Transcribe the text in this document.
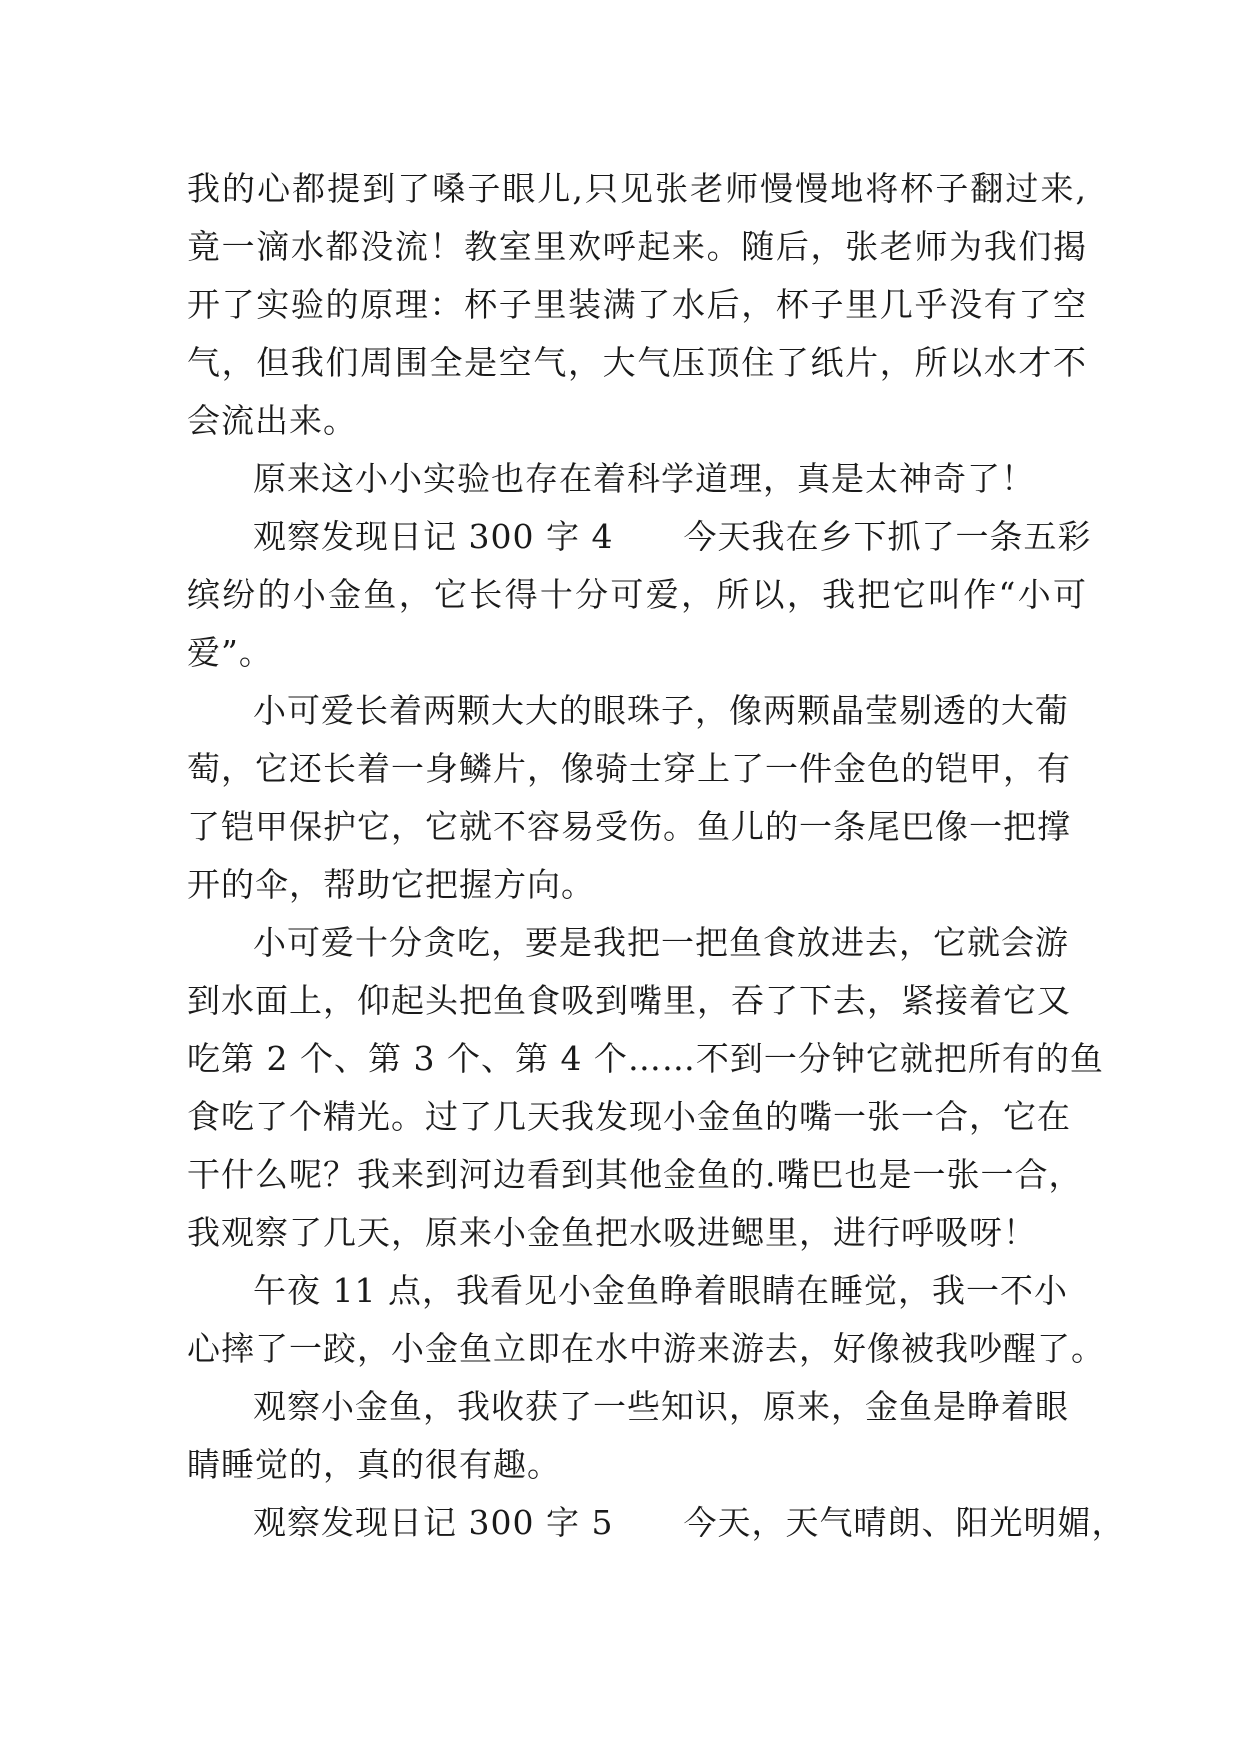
我的心都提到了嗓子眼儿,只见张老师慢慢地将杯子翻过来,
竟一滴水都没流！教室里欢呼起来。随后，张老师为我们揭
开了实验的原理：杯子里装满了水后，杯子里几乎没有了空
气，但我们周围全是空气，大气压顶住了纸片，所以水才不
会流出来。
原来这小小实验也存在着科学道理，真是太神奇了！
观察发现日记 300 字 4 今天我在乡下抓了一条五彩
缤纷的小金鱼，它长得十分可爱，所以，我把它叫作“小可
爱”。
小可爱长着两颗大大的眼珠子，像两颗晶莹剔透的大葡
萄，它还长着一身鳞片，像骑士穿上了一件金色的铠甲，有
了铠甲保护它，它就不容易受伤。鱼儿的一条尾巴像一把撑
开的伞，帮助它把握方向。
小可爱十分贪吃，要是我把一把鱼食放进去，它就会游
到水面上，仰起头把鱼食吸到嘴里，吞了下去，紧接着它又
吃第 2 个、第 3 个、第 4 个……不到一分钟它就把所有的鱼
食吃了个精光。过了几天我发现小金鱼的嘴一张一合，它在
干什么呢？我来到河边看到其他金鱼的.嘴巴也是一张一合，
我观察了几天，原来小金鱼把水吸进鳃里，进行呼吸呀！
午夜 11 点，我看见小金鱼睁着眼睛在睡觉，我一不小
心摔了一跤，小金鱼立即在水中游来游去，好像被我吵醒了。
观察小金鱼，我收获了一些知识，原来，金鱼是睁着眼
睛睡觉的，真的很有趣。
观察发现日记 300 字 5 今天，天气晴朗、阳光明媚，
